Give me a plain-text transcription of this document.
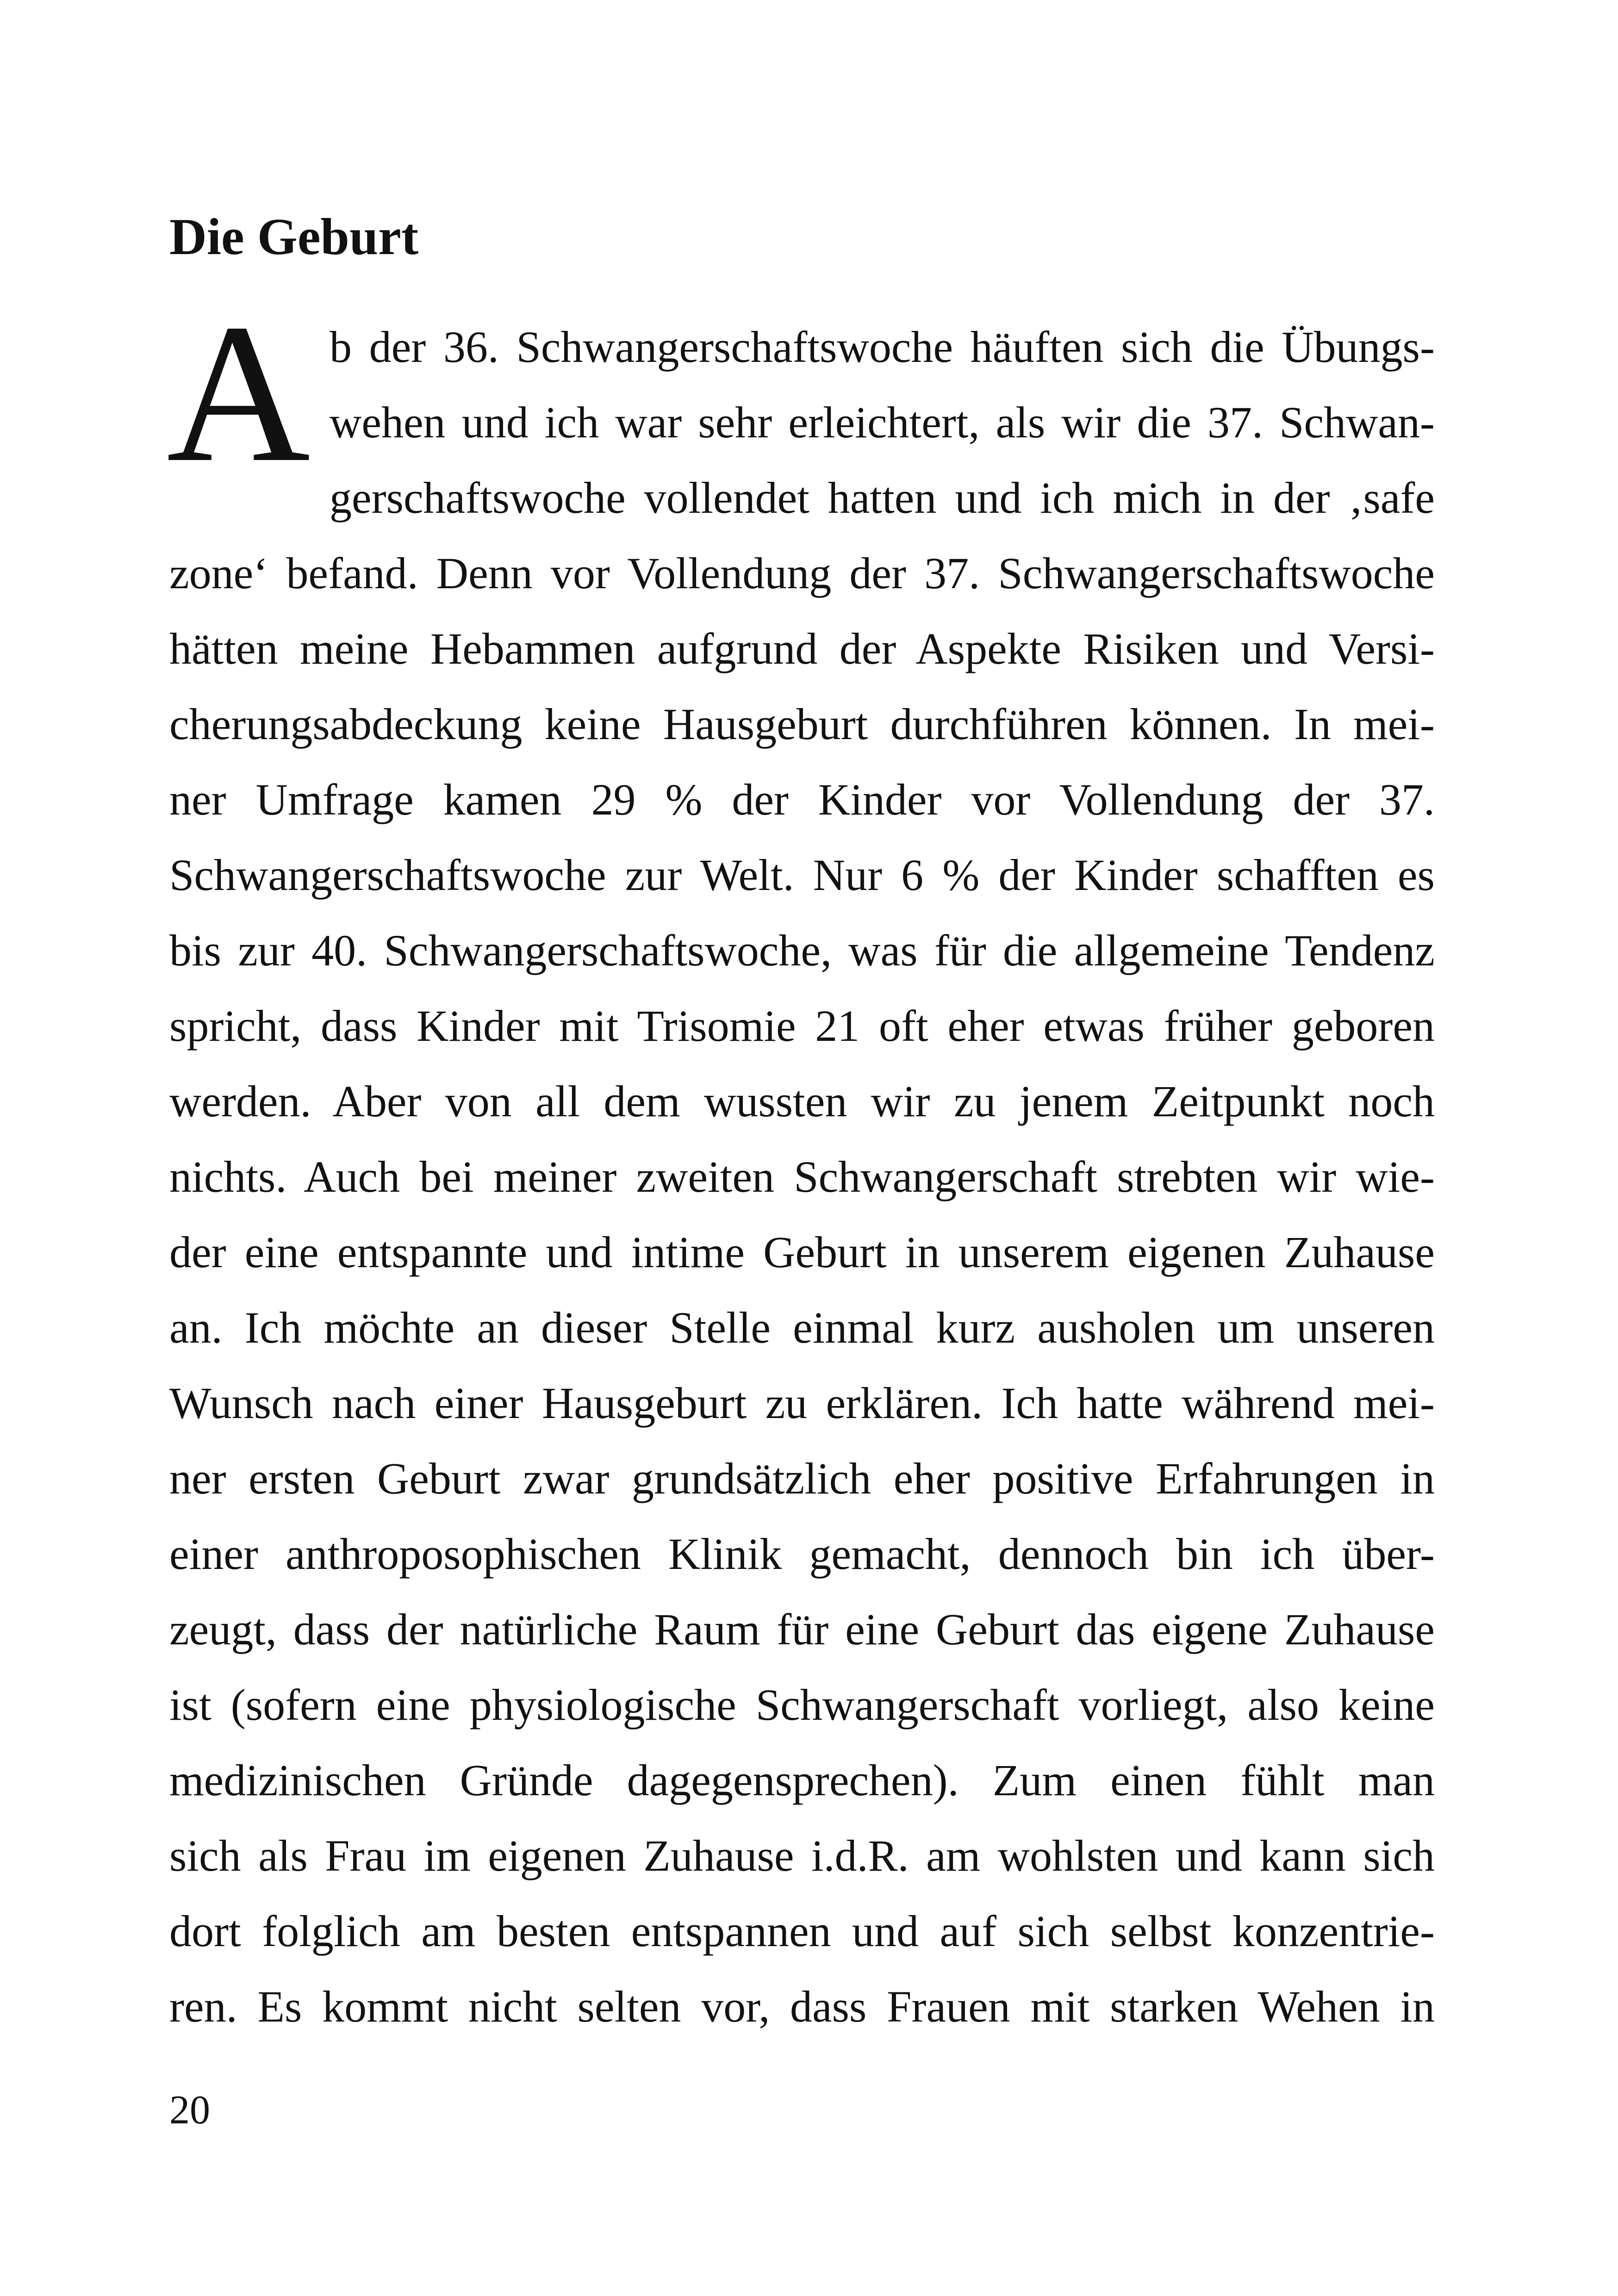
Die Geburt
A b der 36. Schwangerschaftswoche häuften sich die Übungs-
wehen und ich war sehr erleichtert, als wir die 37. Schwan-
gerschaftswoche vollendet hatten und ich mich in der ‚safe
zone‘ befand. Denn vor Vollendung der 37. Schwangerschaftswoche
hätten meine Hebammen aufgrund der Aspekte Risiken und Versi-
cherungsabdeckung keine Hausgeburt durchführen können. In mei-
ner Umfrage kamen 29 % der Kinder vor Vollendung der 37.
Schwangerschaftswoche zur Welt. Nur 6 % der Kinder schafften es
bis zur 40. Schwangerschaftswoche, was für die allgemeine Tendenz
spricht, dass Kinder mit Trisomie 21 oft eher etwas früher geboren
werden. Aber von all dem wussten wir zu jenem Zeitpunkt noch
nichts. Auch bei meiner zweiten Schwangerschaft strebten wir wie-
der eine entspannte und intime Geburt in unserem eigenen Zuhause
an. Ich möchte an dieser Stelle einmal kurz ausholen um unseren
Wunsch nach einer Hausgeburt zu erklären. Ich hatte während mei-
ner ersten Geburt zwar grundsätzlich eher positive Erfahrungen in
einer anthroposophischen Klinik gemacht, dennoch bin ich über-
zeugt, dass der natürliche Raum für eine Geburt das eigene Zuhause
ist (sofern eine physiologische Schwangerschaft vorliegt, also keine
medizinischen Gründe dagegensprechen). Zum einen fühlt man
sich als Frau im eigenen Zuhause i.d.R. am wohlsten und kann sich
dort folglich am besten entspannen und auf sich selbst konzentrie-
ren. Es kommt nicht selten vor, dass Frauen mit starken Wehen in
20
